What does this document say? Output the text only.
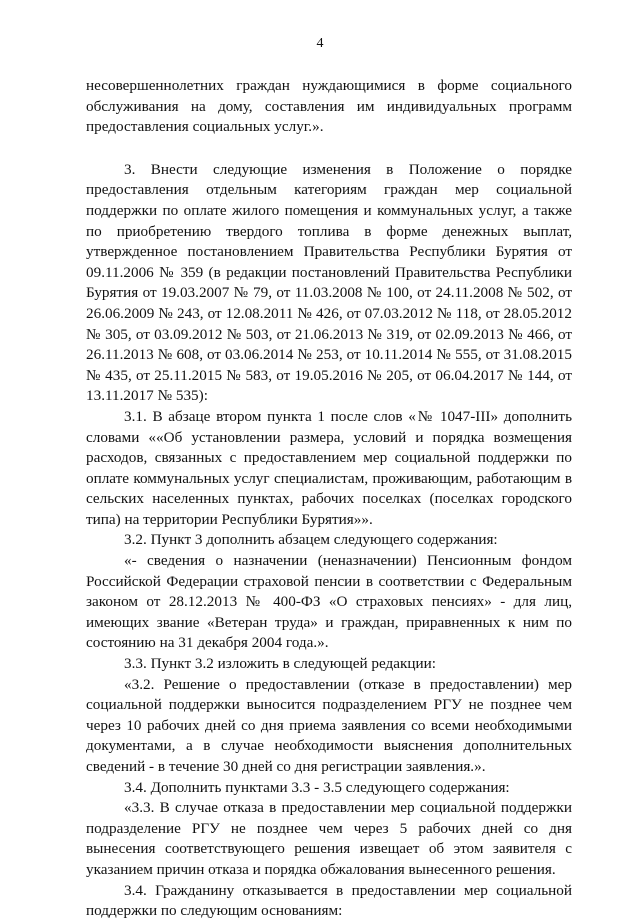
4

несовершеннолетних граждан нуждающимися в форме социального обслуживания на дому, составления им индивидуальных программ предоставления социальных услуг.».

3. Внести следующие изменения в Положение о порядке предоставления отдельным категориям граждан мер социальной поддержки по оплате жилого помещения и коммунальных услуг, а также по приобретению твердого топлива в форме денежных выплат, утвержденное постановлением Правительства Республики Бурятия от 09.11.2006 № 359 (в редакции постановлений Правительства Республики Бурятия от 19.03.2007 № 79, от 11.03.2008 № 100, от 24.11.2008 № 502, от 26.06.2009 № 243, от 12.08.2011 № 426, от 07.03.2012 № 118, от 28.05.2012 № 305, от 03.09.2012 № 503, от 21.06.2013 № 319, от 02.09.2013 № 466, от 26.11.2013 № 608, от 03.06.2014 № 253, от 10.11.2014 № 555, от 31.08.2015 № 435, от 25.11.2015 № 583, от 19.05.2016 № 205, от 06.04.2017 № 144, от 13.11.2017 № 535):

3.1. В абзаце втором пункта 1 после слов «№ 1047-III» дополнить словами ««Об установлении размера, условий и порядка возмещения расходов, связанных с предоставлением мер социальной поддержки по оплате коммунальных услуг специалистам, проживающим, работающим в сельских населенных пунктах, рабочих поселках (поселках городского типа) на территории Республики Бурятия»».

3.2. Пункт 3 дополнить абзацем следующего содержания:

«- сведения о назначении (неназначении) Пенсионным фондом Российской Федерации страховой пенсии в соответствии с Федеральным законом от 28.12.2013 № 400-ФЗ «О страховых пенсиях» - для лиц, имеющих звание «Ветеран труда» и граждан, приравненных к ним по состоянию на 31 декабря 2004 года.».

3.3. Пункт 3.2 изложить в следующей редакции:

«3.2. Решение о предоставлении (отказе в предоставлении) мер социальной поддержки выносится подразделением РГУ не позднее чем через 10 рабочих дней со дня приема заявления со всеми необходимыми документами, а в случае необходимости выяснения дополнительных сведений - в течение 30 дней со дня регистрации заявления.».

3.4. Дополнить пунктами 3.3 - 3.5 следующего содержания:

«3.3. В случае отказа в предоставлении мер социальной поддержки подразделение РГУ не позднее чем через 5 рабочих дней со дня вынесения соответствующего решения извещает об этом заявителя с указанием причин отказа и порядка обжалования вынесенного решения.

3.4. Гражданину отказывается в предоставлении мер социальной поддержки по следующим основаниям:
